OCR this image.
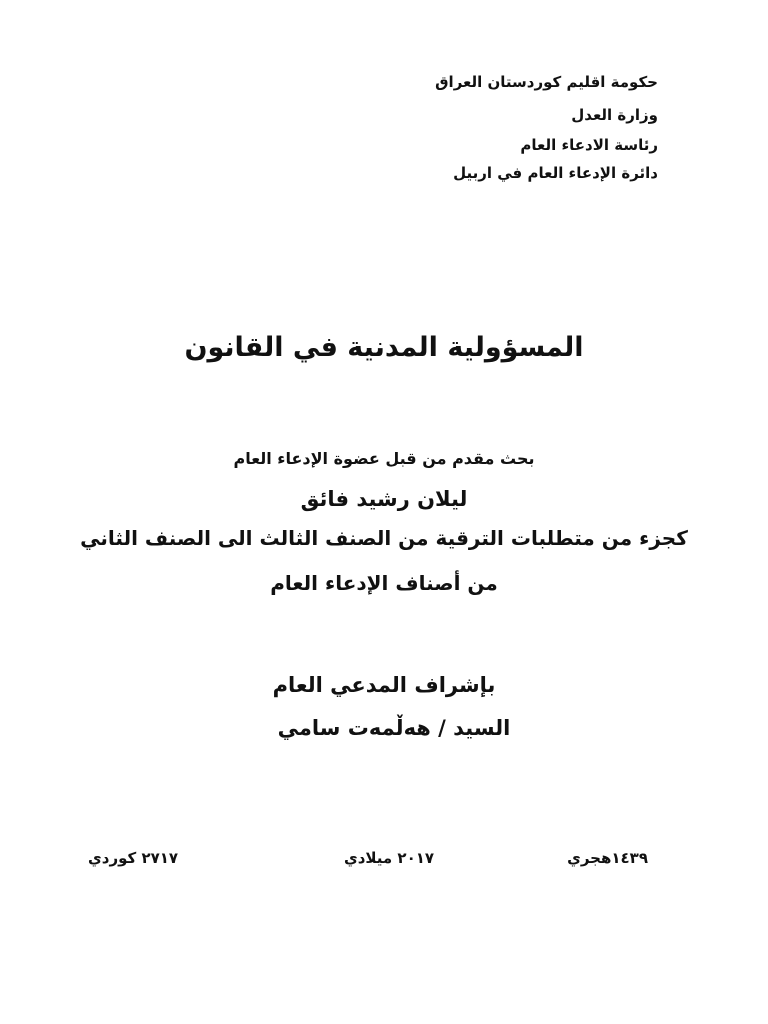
حكومة اقليم كوردستان العراق
وزارة العدل
رئاسة الادعاء العام
دائرة الإدعاء العام في اربيل
المسؤولية المدنية في القانون
بحث مقدم من قبل عضوة الإدعاء العام
ليلان رشيد فائق
كجزء من متطلبات الترقية من الصنف الثالث الى الصنف الثاني
من أصناف الإدعاء العام
بإشراف المدعي العام
السيد / هەڵمەت سامي
١٤٣٩هجري
٢٠١٧ ميلادي
٢٧١٧ كوردي
